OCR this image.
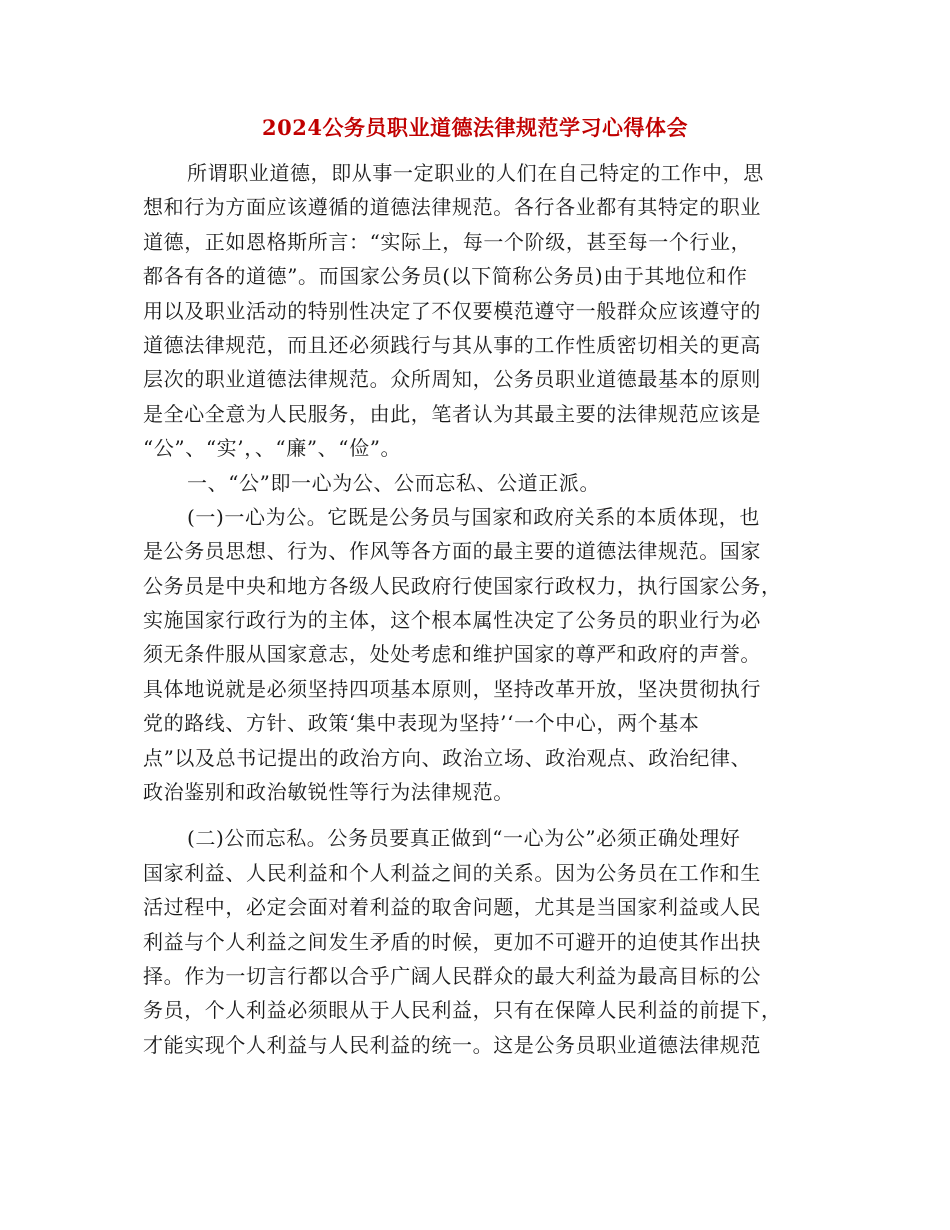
2024公务员职业道德法律规范学习心得体会
所谓职业道德，即从事一定职业的人们在自己特定的工作中，思
想和行为方面应该遵循的道德法律规范。各行各业都有其特定的职业
道德，正如恩格斯所言：“实际上，每一个阶级，甚至每一个行业，
都各有各的道德”。而国家公务员(以下简称公务员)由于其地位和作
用以及职业活动的特别性决定了不仅要模范遵守一般群众应该遵守的
道德法律规范，而且还必须践行与其从事的工作性质密切相关的更高
层次的职业道德法律规范。众所周知，公务员职业道德最基本的原则
是全心全意为人民服务，由此，笔者认为其最主要的法律规范应该是
“公”、“实’，、“廉”、“俭”。
一、“公”即一心为公、公而忘私、公道正派。
(一)一心为公。它既是公务员与国家和政府关系的本质体现，也
是公务员思想、行为、作风等各方面的最主要的道德法律规范。国家
公务员是中央和地方各级人民政府行使国家行政权力，执行国家公务，
实施国家行政行为的主体，这个根本属性决定了公务员的职业行为必
须无条件服从国家意志，处处考虑和维护国家的尊严和政府的声誉。
具体地说就是必须坚持四项基本原则，坚持改革开放，坚决贯彻执行
党的路线、方针、政策‘集中表现为坚持’‘一个中心，两个基本
点”以及总书记提出的政治方向、政治立场、政治观点、政治纪律、
政治鉴别和政治敏锐性等行为法律规范。
(二)公而忘私。公务员要真正做到“一心为公”必须正确处理好
国家利益、人民利益和个人利益之间的关系。因为公务员在工作和生
活过程中，必定会面对着利益的取舍问题，尤其是当国家利益或人民
利益与个人利益之间发生矛盾的时候，更加不可避开的迫使其作出抉
择。作为一切言行都以合乎广阔人民群众的最大利益为最高目标的公
务员，个人利益必须眼从于人民利益，只有在保障人民利益的前提下，
才能实现个人利益与人民利益的统一。这是公务员职业道德法律规范
